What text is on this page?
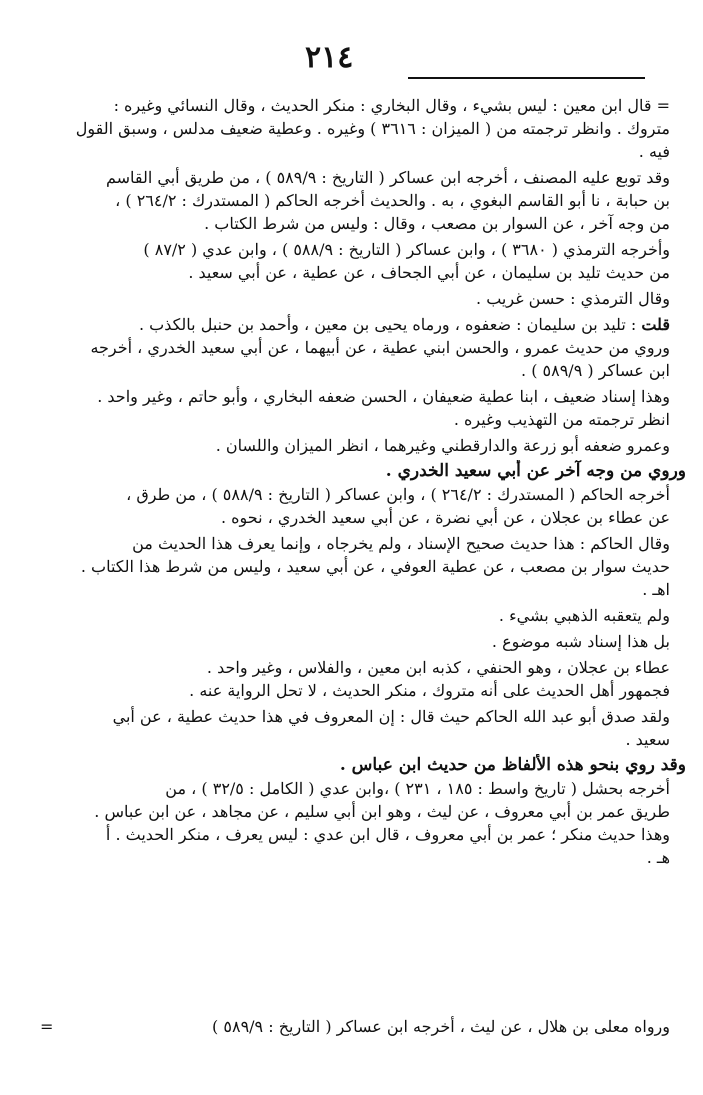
٢١٤
= قال ابن معين : ليس بشيء ، وقال البخاري : منكر الحديث ، وقال النسائي وغيره :
متروك . وانظر ترجمته من ( الميزان : ٣٦١٦ ) وغيره . وعطية ضعيف مدلس ، وسبق القول
فيه .
وقد توبع عليه المصنف ، أخرجه ابن عساكر ( التاريخ : ٥٨٩/٩ ) ، من طريق أبي القاسم
بن حبابة ، نا أبو القاسم البغوي ، به . والحديث أخرجه الحاكم ( المستدرك : ٢٦٤/٢ ) ،
من وجه آخر ، عن السوار بن مصعب ، وقال : وليس من شرط الكتاب .
وأخرجه الترمذي ( ٣٦٨٠ ) ، وابن عساكر ( التاريخ : ٥٨٨/٩ ) ، وابن عدي ( ٨٧/٢ )
من حديث تليد بن سليمان ، عن أبي الجحاف ، عن عطية ، عن أبي سعيد .
وقال الترمذي : حسن غريب .
قلت : تليد بن سليمان : ضعفوه ، ورماه يحيى بن معين ، وأحمد بن حنبل بالكذب .
وروي من حديث عمرو ، والحسن ابني عطية ، عن أبيهما ، عن أبي سعيد الخدري ، أخرجه
ابن عساكر ( ٥٨٩/٩ ) .
وهذا إسناد ضعيف ، ابنا عطية ضعيفان ، الحسن ضعفه البخاري ، وأبو حاتم ، وغير واحد .
انظر ترجمته من التهذيب وغيره .
وعمرو ضعفه أبو زرعة والدارقطني وغيرهما ، انظر الميزان واللسان .
وروي من وجه آخر عن أبي سعيد الخدري .
أخرجه الحاكم ( المستدرك : ٢٦٤/٢ ) ، وابن عساكر ( التاريخ : ٥٨٨/٩ ) ، من طرق ،
عن عطاء بن عجلان ، عن أبي نضرة ، عن أبي سعيد الخدري ، نحوه .
وقال الحاكم : هذا حديث صحيح الإسناد ، ولم يخرجاه ، وإنما يعرف هذا الحديث من
حديث سوار بن مصعب ، عن عطية العوفي ، عن أبي سعيد ، وليس من شرط هذا الكتاب .
اهـ .
ولم يتعقبه الذهبي بشيء .
بل هذا إسناد شبه موضوع .
عطاء بن عجلان ، وهو الحنفي ، كذبه ابن معين ، والفلاس ، وغير واحد .
فجمهور أهل الحديث على أنه متروك ، منكر الحديث ، لا تحل الرواية عنه .
ولقد صدق أبو عبد الله الحاكم حيث قال : إن المعروف في هذا حديث عطية ، عن أبي
سعيد .
وقد روي بنحو هذه الألفاظ من حديث ابن عباس .
أخرجه بحشل ( تاريخ واسط : ١٨٥ ، ٢٣١ ) ،وابن عدي ( الكامل : ٣٢/٥ ) ، من
طريق عمر بن أبي معروف ، عن ليث ، وهو ابن أبي سليم ، عن مجاهد ، عن ابن عباس .
وهذا حديث منكر ؛ عمر بن أبي معروف ، قال ابن عدي : ليس يعرف ، منكر الحديث . أ
هـ .
ورواه معلى بن هلال ، عن ليث ، أخرجه ابن عساكر ( التاريخ : ٥٨٩/٩ )
=
